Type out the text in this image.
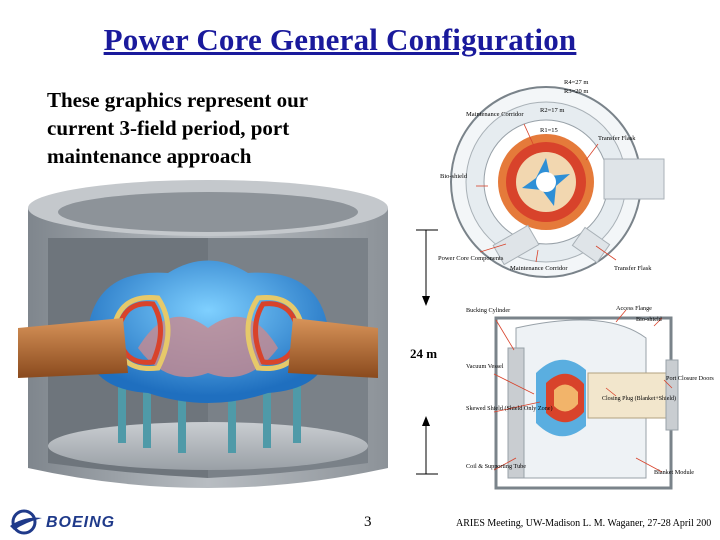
Power Core General Configuration
These graphics represent our current 3-field period, port maintenance approach
24 m
R4=27 m
R3=20 m
R2=17 m
R1=15
Maintenance Corridor
Transfer Flask
Bio-shield
Power Core Components
Maintenance Corridor	Transfer Flask
Access Flange
Bio-shield
Bucking Cylinder
Vacuum Vessel
Port Closure Doors
Closing Plug (Blanket+Shield)
Skewed Shield (Shield Only Zone)
Coil & Supporting Tube
Blanket Module
BOEING	3	ARIES Meeting, UW-Madison L. M. Waganer, 27-28 April 200
